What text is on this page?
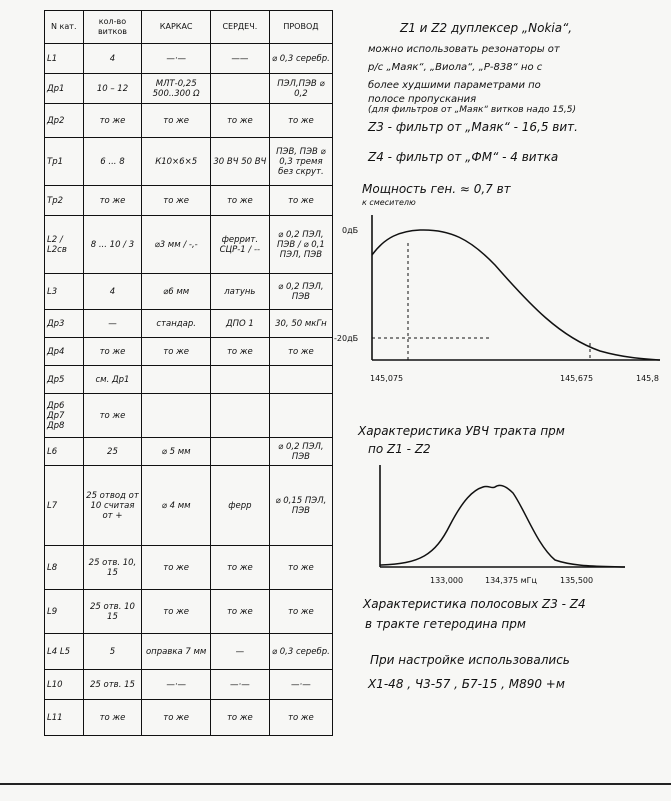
N кат.	кол-во витков	КАРКАС	СЕРДЕЧ.	ПРОВОД
L1	4	—·—	——	⌀ 0,3 серебр.
Др1	10 – 12	МЛТ-0,25 500..300 Ω		ПЭЛ,ПЭВ ⌀ 0,2
Др2	то же	то же	то же	то же
Тр1	6 ... 8	К10×6×5	30 ВЧ 50 ВЧ	ПЭВ, ПЭВ ⌀ 0,3 тремя без скрут.
Тр2	то же	то же	то же	то же
L2 / L2св	8 ... 10 / 3	⌀3 мм / -,-	феррит. СЦР-1 / --	⌀ 0,2 ПЭЛ, ПЭВ / ⌀ 0,1 ПЭЛ, ПЭВ
L3	4	⌀6 мм	латунь	⌀ 0,2 ПЭЛ, ПЭВ
Др3	—	стандар.	ДПО 1	30, 50 мкГн
Др4	то же	то же	то же	то же
Др5	см. Др1			
Др6 Др7 Др8	то же			
L6	25	⌀ 5 мм		⌀ 0,2 ПЭЛ, ПЭВ
L7	25 отвод от 10 считая от +	⌀ 4 мм	ферр	⌀ 0,15 ПЭЛ, ПЭВ
L8	25 отв. 10, 15	то же	то же	то же
L9	25 отв. 10 15	то же	то же	то же
L4 L5	5	оправка 7 мм	—	⌀ 0,3 серебр.
L10	25 отв. 15	—·—	—·—	—·—
L11	то же	то же	то же	то же
Z1 и Z2 дуплексер „Nokia“,
можно использовать резонаторы от
р/с „Маяк“, „Виола“, „Р-838“ но с
более худшими параметрами по
полосе пропускания
(для фильтров от „Маяк“ витков надо 15,5)
Z3 - фильтр от „Маяк“ - 16,5 вит.
Z4 - фильтр от „ФМ“ - 4 витка
Мощность ген. ≈ 0,7 вт
к смесителю
0дБ
-20дБ
145,075	145,675	145,8
Характеристика УВЧ тракта прм
по Z1 - Z2
133,000	134,375 мГц	135,500
Характеристика полосовых Z3 - Z4
в тракте гетеродина прм
При настройке использовались
Х1-48 , Ч3-57 , Б7-15 , М890 +м
